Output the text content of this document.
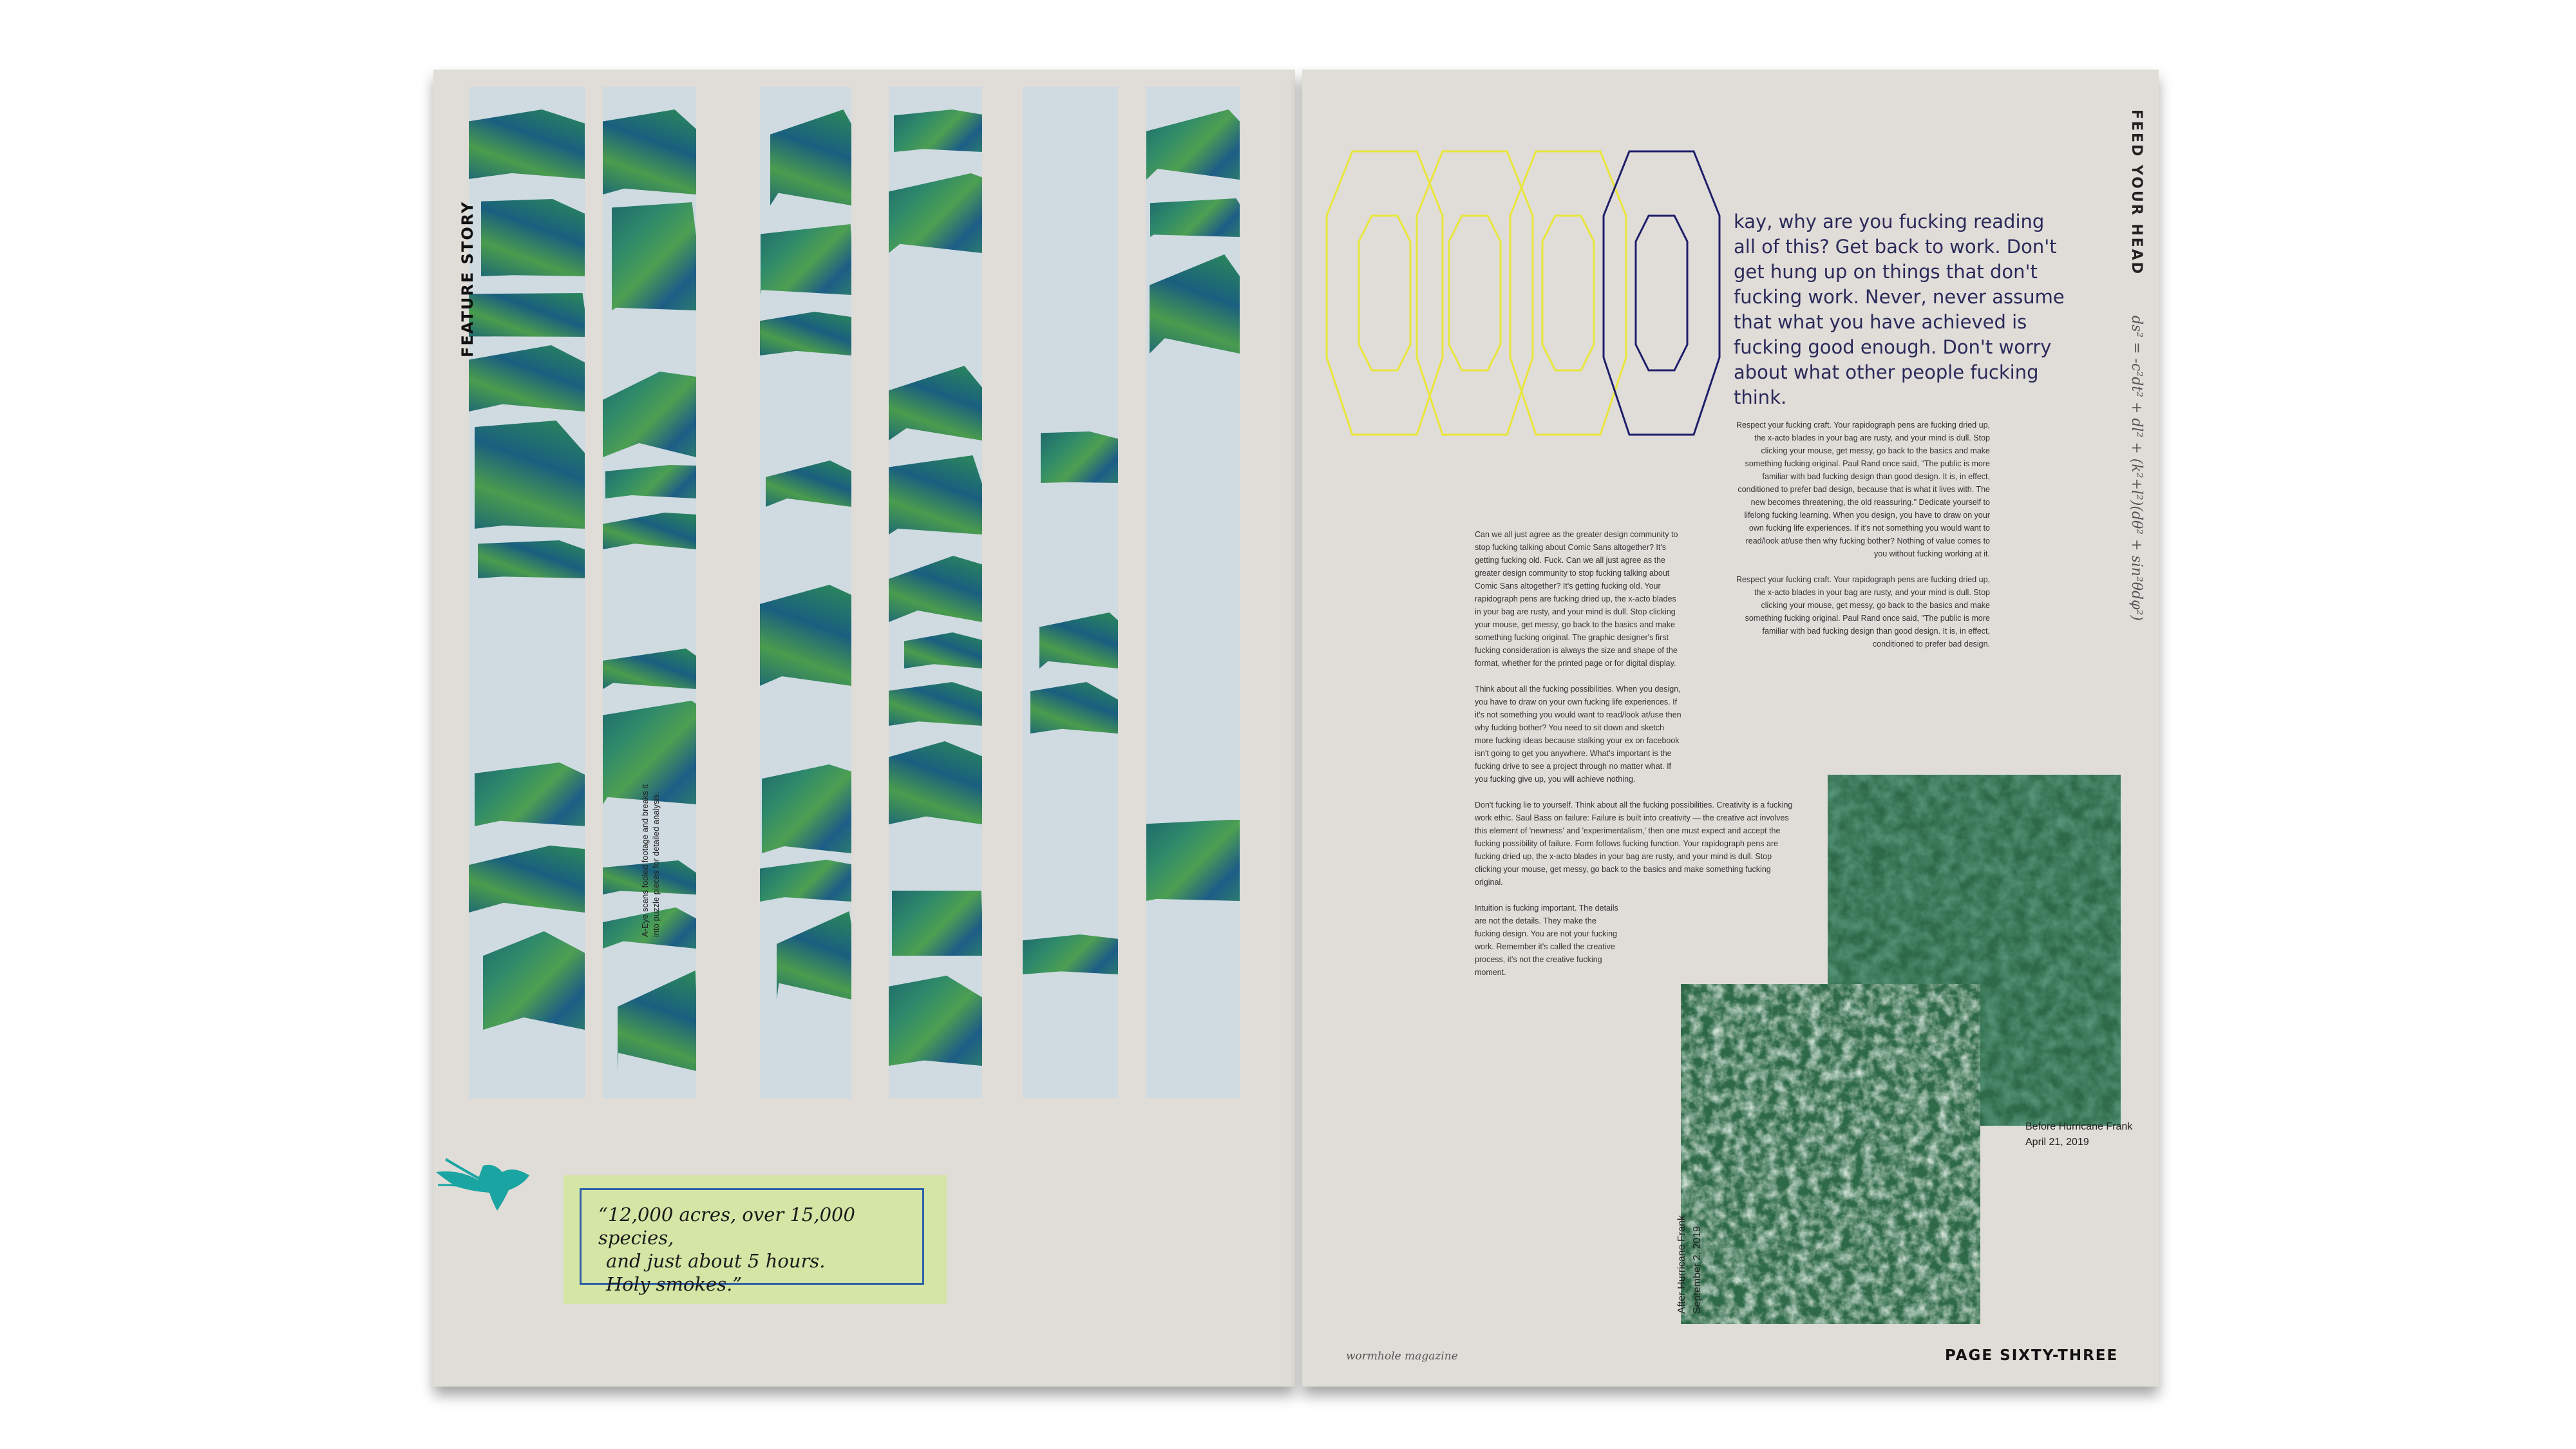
FEATURE STORY
A-Eye scans fooled footage and breaks it into puzzle pieces for detailed analysis.
“12,000 acres, over 15,000 species,
and just about 5 hours.
Holy smokes.”
kay, why are you fucking reading all of this? Get back to work. Don't get hung up on things that don't fucking work. Never, never assume that what you have achieved is fucking good enough. Don't worry about what other people fucking think.

Respect your fucking craft. Your rapidograph pens are fucking dried up, the x-acto blades in your bag are rusty, and your mind is dull. Stop clicking your mouse, get messy, go back to the basics and make something fucking original. Paul Rand once said, "The public is more familiar with bad fucking design than good design. It is, in effect, conditioned to prefer bad design, because that is what it lives with. The new becomes threatening, the old reassuring." Dedicate yourself to lifelong fucking learning. When you design, you have to draw on your own fucking life experiences. If it's not something you would want to read/look at/use then why fucking bother? Nothing of value comes to you without fucking working at it.

Respect your fucking craft. Your rapidograph pens are fucking dried up, the x-acto blades in your bag are rusty, and your mind is dull. Stop clicking your mouse, get messy, go back to the basics and make something fucking original. Paul Rand once said, "The public is more familiar with bad fucking design than good design. It is, in effect, conditioned to prefer bad design.

Can we all just agree as the greater design community to stop fucking talking about Comic Sans altogether? It's getting fucking old. Fuck. Can we all just agree as the greater design community to stop fucking talking about Comic Sans altogether? It's getting fucking old. Your rapidograph pens are fucking dried up, the x-acto blades in your bag are rusty, and your mind is dull. Stop clicking your mouse, get messy, go back to the basics and make something fucking original. The graphic designer's first fucking consideration is always the size and shape of the format, whether for the printed page or for digital display.

Think about all the fucking possibilities. When you design, you have to draw on your own fucking life experiences. If it's not something you would want to read/look at/use then why fucking bother? You need to sit down and sketch more fucking ideas because stalking your ex on facebook isn't going to get you anywhere. What's important is the fucking drive to see a project through no matter what. If you fucking give up, you will achieve nothing.

Don't fucking lie to yourself. Think about all the fucking possibilities. Creativity is a fucking work ethic. Saul Bass on failure: Failure is built into creativity — the creative act involves this element of 'newness' and 'experimentalism,' then one must expect and accept the fucking possibility of failure. Form follows fucking function. Your rapidograph pens are fucking dried up, the x-acto blades in your bag are rusty, and your mind is dull. Stop clicking your mouse, get messy, go back to the basics and make something fucking original.

Intuition is fucking important. The details are not the details. They make the fucking design. You are not your fucking work. Remember it's called the creative process, it's not the creative fucking moment.

FEED YOUR HEAD
ds² = -c²dt² + dl² + (k²+l²)(dθ² + sin²θdφ²)
Before Hurricane Frank
April 21, 2019
After Hurricane Frank September 2, 2019
wormhole magazine	PAGE SIXTY-THREE
